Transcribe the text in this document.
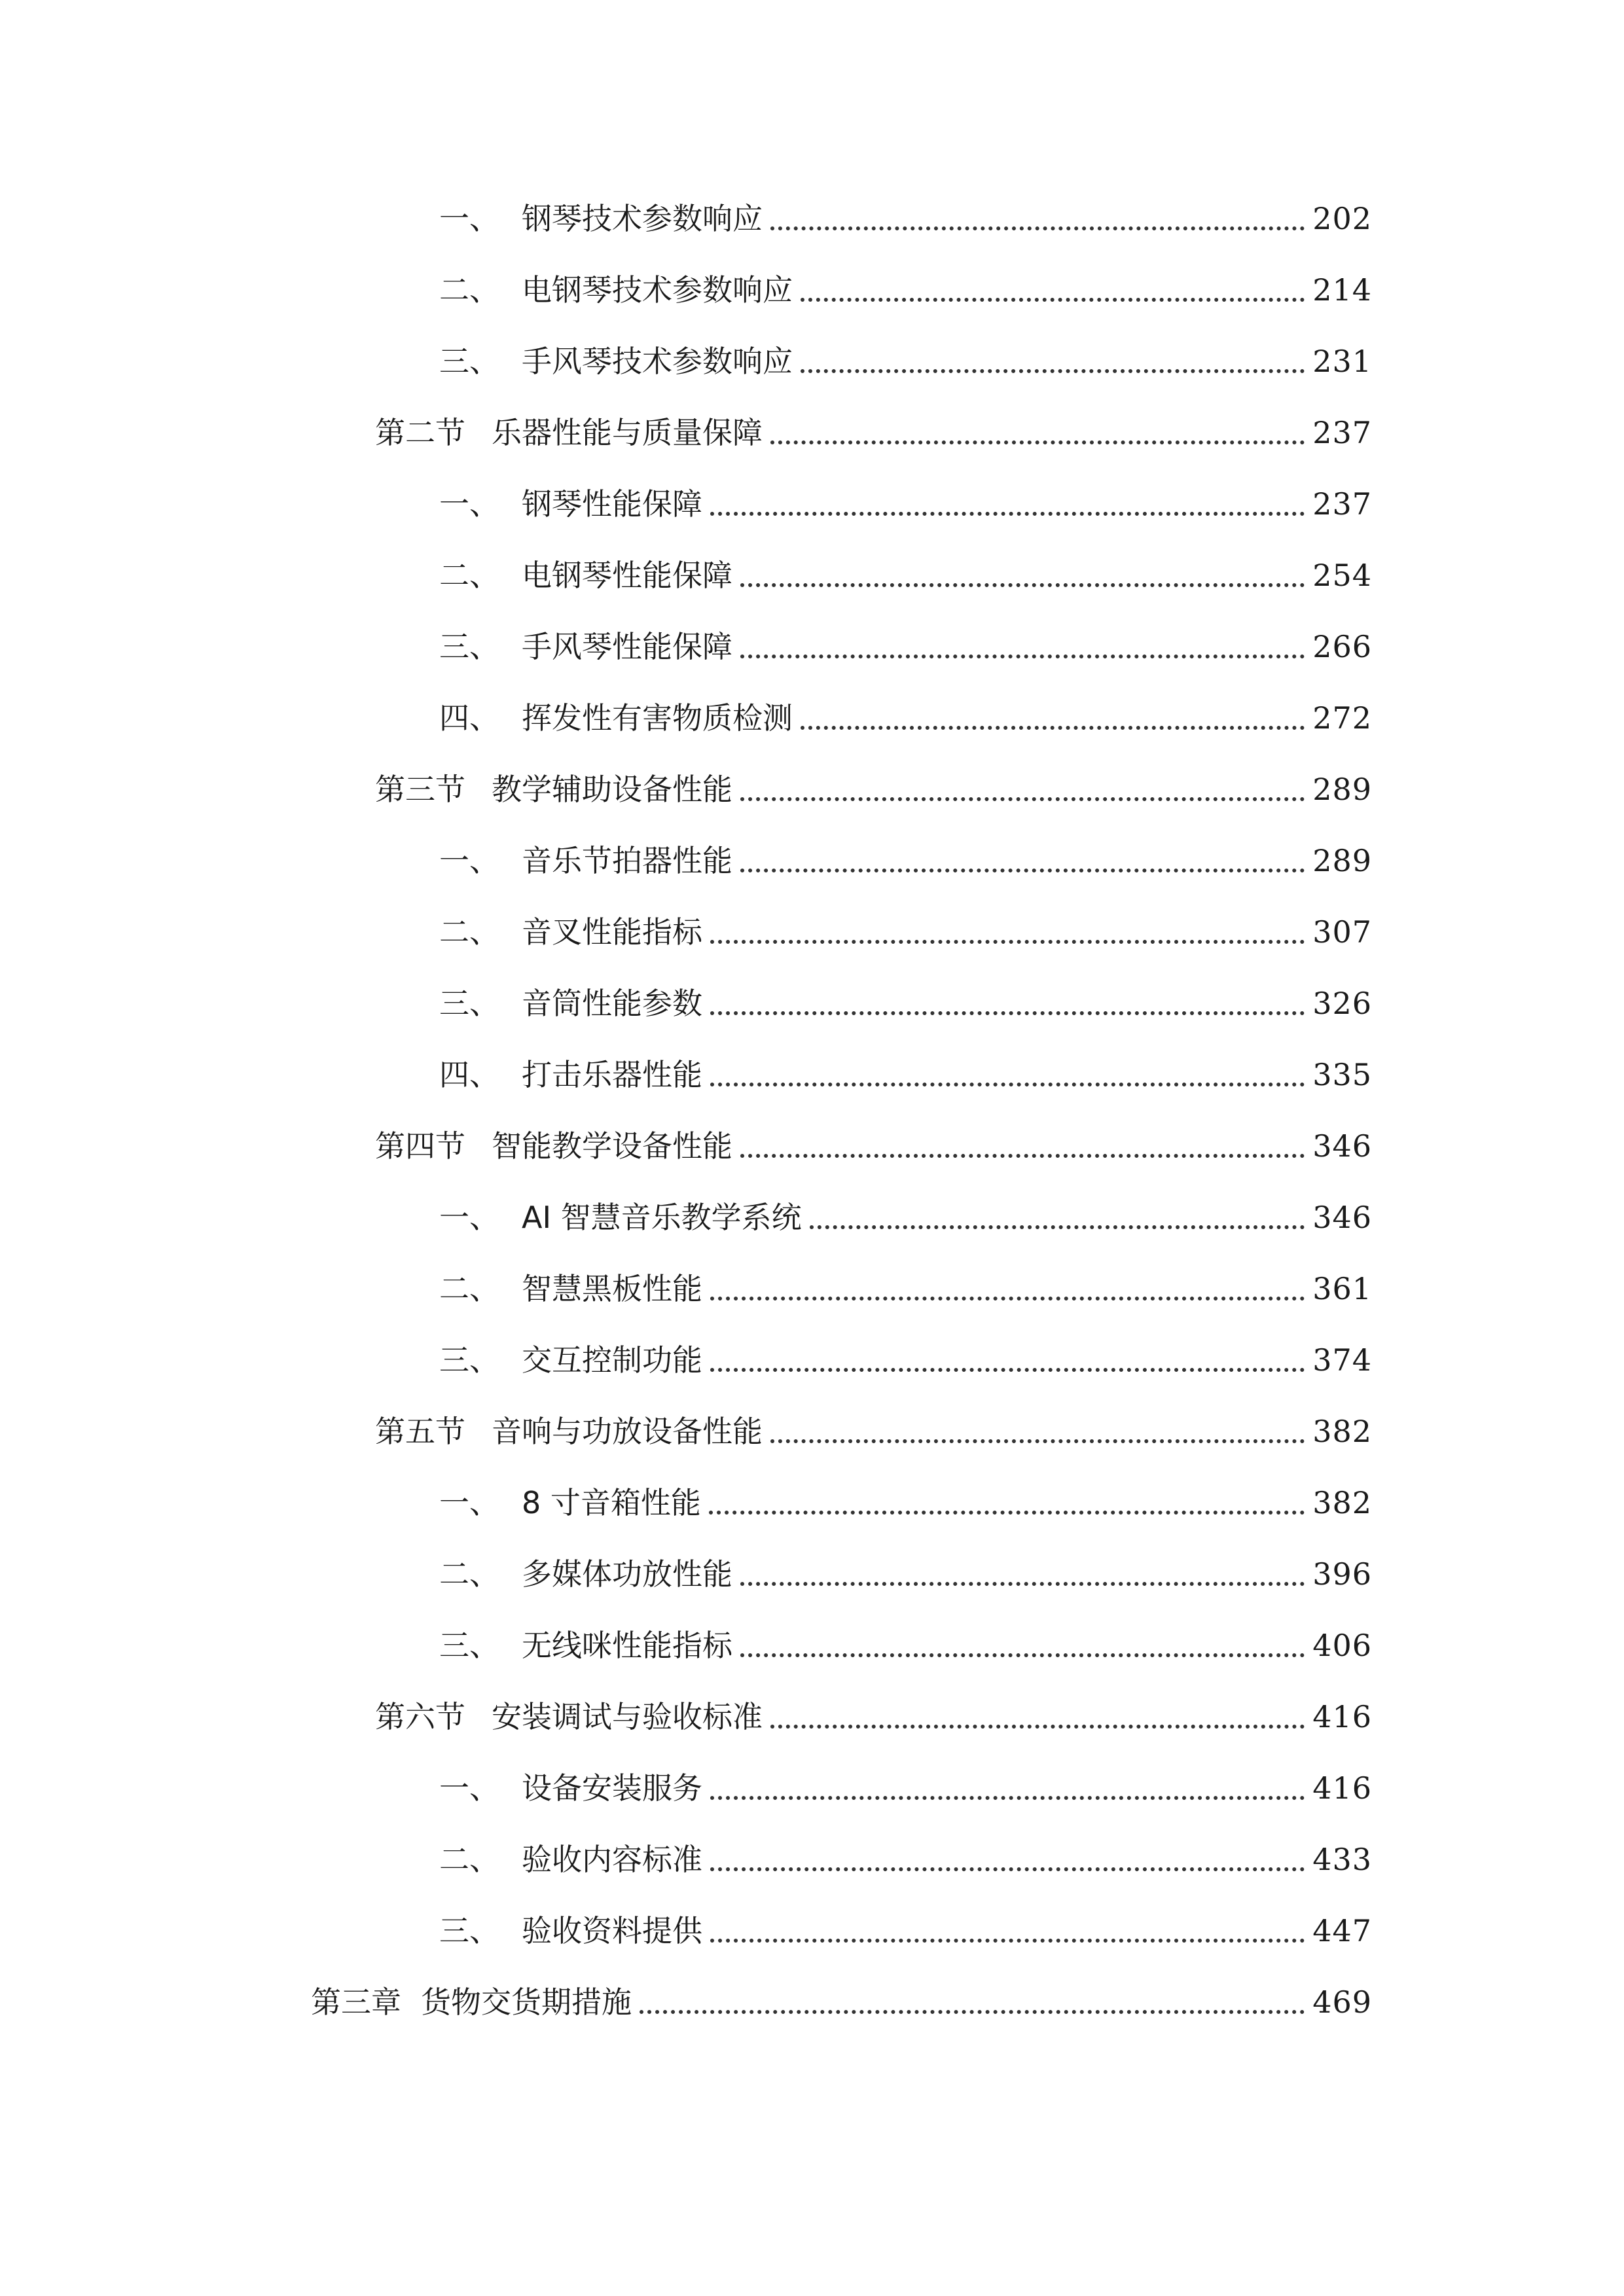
一、 钢琴技术参数响应	202
二、 电钢琴技术参数响应	214
三、 手风琴技术参数响应	231
第二节 乐器性能与质量保障	237
一、 钢琴性能保障	237
二、 电钢琴性能保障	254
三、 手风琴性能保障	266
四、 挥发性有害物质检测	272
第三节 教学辅助设备性能	289
一、 音乐节拍器性能	289
二、 音叉性能指标	307
三、 音筒性能参数	326
四、 打击乐器性能	335
第四节 智能教学设备性能	346
一、 AI 智慧音乐教学系统	346
二、 智慧黑板性能	361
三、 交互控制功能	374
第五节 音响与功放设备性能	382
一、 8 寸音箱性能	382
二、 多媒体功放性能	396
三、 无线咪性能指标	406
第六节 安装调试与验收标准	416
一、 设备安装服务	416
二、 验收内容标准	433
三、 验收资料提供	447
第三章 货物交货期措施	469
